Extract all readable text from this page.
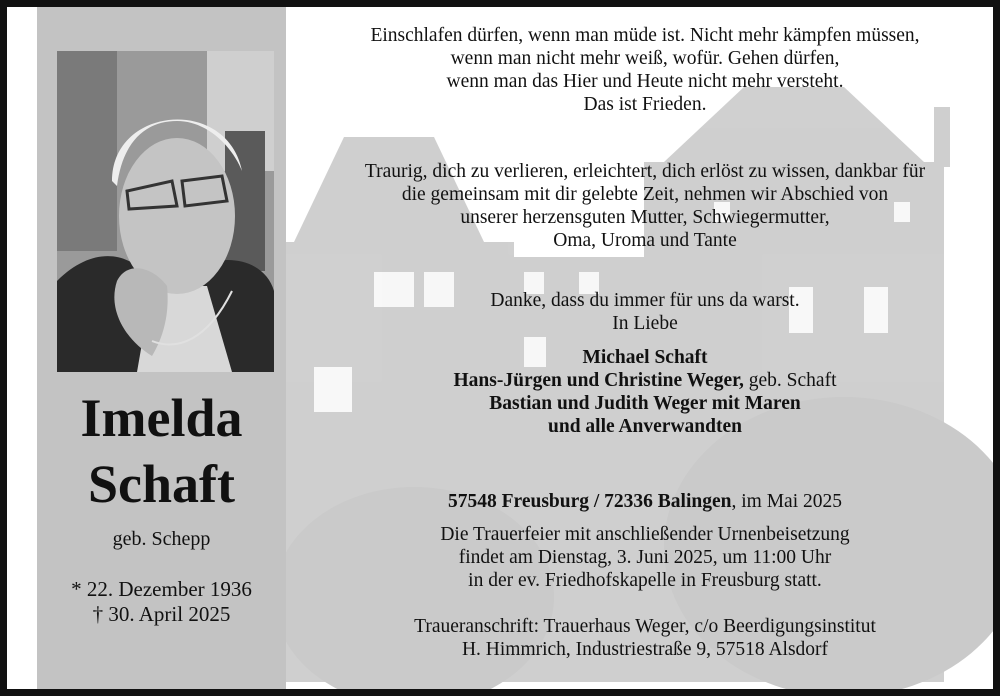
Imelda
Schaft
geb. Schepp
* 22. Dezember 1936
† 30. April 2025
Einschlafen dürfen, wenn man müde ist. Nicht mehr kämpfen müssen,
wenn man nicht mehr weiß, wofür. Gehen dürfen,
wenn man das Hier und Heute nicht mehr versteht.
Das ist Frieden.
Traurig, dich zu verlieren, erleichtert, dich erlöst zu wissen, dankbar für
die gemeinsam mit dir gelebte Zeit, nehmen wir Abschied von
unserer herzensguten Mutter, Schwiegermutter,
Oma, Uroma und Tante
Danke, dass du immer für uns da warst.
In Liebe
Michael Schaft
Hans-Jürgen und Christine Weger, geb. Schaft
Bastian und Judith Weger mit Maren
und alle Anverwandten
57548 Freusburg / 72336 Balingen, im Mai 2025
Die Trauerfeier mit anschließender Urnenbeisetzung
findet am Dienstag, 3. Juni 2025, um 11:00 Uhr
in der ev. Friedhofskapelle in Freusburg statt.
Traueranschrift: Trauerhaus Weger, c/o Beerdigungsinstitut
H. Himmrich, Industriestraße 9, 57518 Alsdorf
